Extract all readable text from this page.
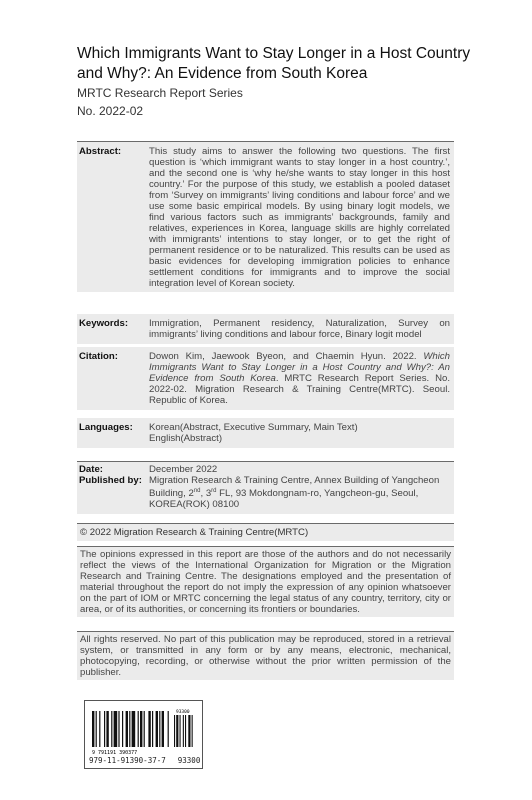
Which Immigrants Want to Stay Longer in a Host Country and Why?: An Evidence from South Korea
MRTC Research Report Series
No. 2022-02
Abstract:	This study aims to answer the following two questions. The first question is ‘which immigrant wants to stay longer in a host country.’, and the second one is ‘why he/she wants to stay longer in this host country.’ For the purpose of this study, we establish a pooled dataset from ‘Survey on immigrants’ living conditions and labour force’ and we use some basic empirical models. By using binary logit models, we find various factors such as immigrants’ backgrounds, family and relatives, experiences in Korea, language skills are highly correlated with immigrants’ intentions to stay longer, or to get the right of permanent residence or to be naturalized. This results can be used as basic evidences for developing immigration policies to enhance settlement conditions for immigrants and to improve the social integration level of Korean society.
Keywords:	Immigration, Permanent residency, Naturalization, Survey on immigrants’ living conditions and labour force, Binary logit model
Citation:	Dowon Kim, Jaewook Byeon, and Chaemin Hyun. 2022. Which Immigrants Want to Stay Longer in a Host Country and Why?: An Evidence from South Korea. MRTC Research Report Series. No. 2022-02. Migration Research & Training Centre(MRTC). Seoul. Republic of Korea.
Languages:	Korean(Abstract, Executive Summary, Main Text)
English(Abstract)
Date:	December 2022
Published by: Migration Research & Training Centre, Annex Building of Yangcheon
Building, 2nd, 3rd FL, 93 Mokdongnam-ro, Yangcheon-gu, Seoul,
KOREA(ROK) 08100
© 2022 Migration Research & Training Centre(MRTC)
The opinions expressed in this report are those of the authors and do not necessarily reflect the views of the International Organization for Migration or the Migration Research and Training Centre. The designations employed and the presentation of material throughout the report do not imply the expression of any opinion whatsoever on the part of IOM or MRTC concerning the legal status of any country, territory, city or area, or of its authorities, or concerning its frontiers or boundaries.
All rights reserved. No part of this publication may be reproduced, stored in a retrieval system, or transmitted in any form or by any means, electronic, mechanical, photocopying, recording, or otherwise without the prior written permission of the publisher.
9 791191 390377
93300
979-11-91390-37-7 93300
